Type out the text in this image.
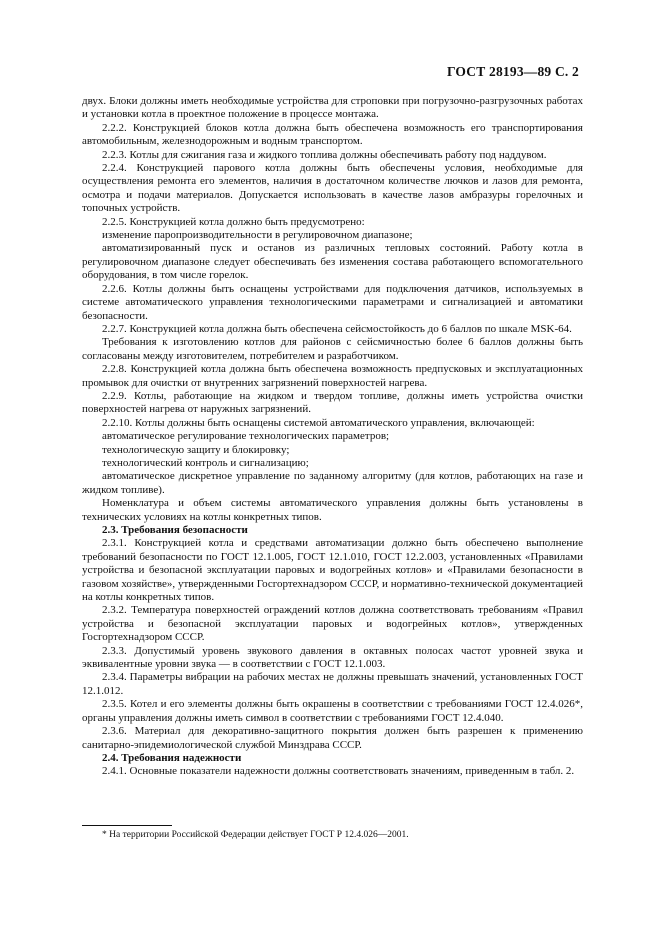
ГОСТ 28193—89 С. 2

двух. Блоки должны иметь необходимые устройства для строповки при погрузочно-разгрузочных работах и установки котла в проектное положение в процессе монтажа.

2.2.2. Конструкцией блоков котла должна быть обеспечена возможность его транспортирования автомобильным, железнодорожным и водным транспортом.

2.2.3. Котлы для сжигания газа и жидкого топлива должны обеспечивать работу под наддувом.

2.2.4. Конструкцией парового котла должны быть обеспечены условия, необходимые для осуществления ремонта его элементов, наличия в достаточном количестве лючков и лазов для ремонта, осмотра и подачи материалов. Допускается использовать в качестве лазов амбразуры горелочных и топочных устройств.

2.2.5. Конструкцией котла должно быть предусмотрено:

изменение паропроизводительности в регулировочном диапазоне;

автоматизированный пуск и останов из различных тепловых состояний. Работу котла в регулировочном диапазоне следует обеспечивать без изменения состава работающего вспомогательного оборудования, в том числе горелок.

2.2.6. Котлы должны быть оснащены устройствами для подключения датчиков, используемых в системе автоматического управления технологическими параметрами и сигнализацией и автоматики безопасности.

2.2.7. Конструкцией котла должна быть обеспечена сейсмостойкость до 6 баллов по шкале MSK-64.

Требования к изготовлению котлов для районов с сейсмичностью более 6 баллов должны быть согласованы между изготовителем, потребителем и разработчиком.

2.2.8. Конструкцией котла должна быть обеспечена возможность предпусковых и эксплуатационных промывок для очистки от внутренних загрязнений поверхностей нагрева.

2.2.9. Котлы, работающие на жидком и твердом топливе, должны иметь устройства очистки поверхностей нагрева от наружных загрязнений.

2.2.10. Котлы должны быть оснащены системой автоматического управления, включающей:

автоматическое регулирование технологических параметров;

технологическую защиту и блокировку;

технологический контроль и сигнализацию;

автоматическое дискретное управление по заданному алгоритму (для котлов, работающих на газе и жидком топливе).

Номенклатура и объем системы автоматического управления должны быть установлены в технических условиях на котлы конкретных типов.

2.3. Требования безопасности

2.3.1. Конструкцией котла и средствами автоматизации должно быть обеспечено выполнение требований безопасности по ГОСТ 12.1.005, ГОСТ 12.1.010, ГОСТ 12.2.003, установленных «Правилами устройства и безопасной эксплуатации паровых и водогрейных котлов» и «Правилами безопасности в газовом хозяйстве», утвержденными Госгортехнадзором СССР, и нормативно-технической документацией на котлы конкретных типов.

2.3.2. Температура поверхностей ограждений котлов должна соответствовать требованиям «Правил устройства и безопасной эксплуатации паровых и водогрейных котлов», утвержденных Госгортехнадзором СССР.

2.3.3. Допустимый уровень звукового давления в октавных полосах частот уровней звука и эквивалентные уровни звука — в соответствии с ГОСТ 12.1.003.

2.3.4. Параметры вибрации на рабочих местах не должны превышать значений, установленных ГОСТ 12.1.012.

2.3.5. Котел и его элементы должны быть окрашены в соответствии с требованиями ГОСТ 12.4.026*, органы управления должны иметь символ в соответствии с требованиями ГОСТ 12.4.040.

2.3.6. Материал для декоративно-защитного покрытия должен быть разрешен к применению санитарно-эпидемиологической службой Минздрава СССР.

2.4. Требования надежности

2.4.1. Основные показатели надежности должны соответствовать значениям, приведенным в табл. 2.

* На территории Российской Федерации действует ГОСТ Р 12.4.026—2001.
